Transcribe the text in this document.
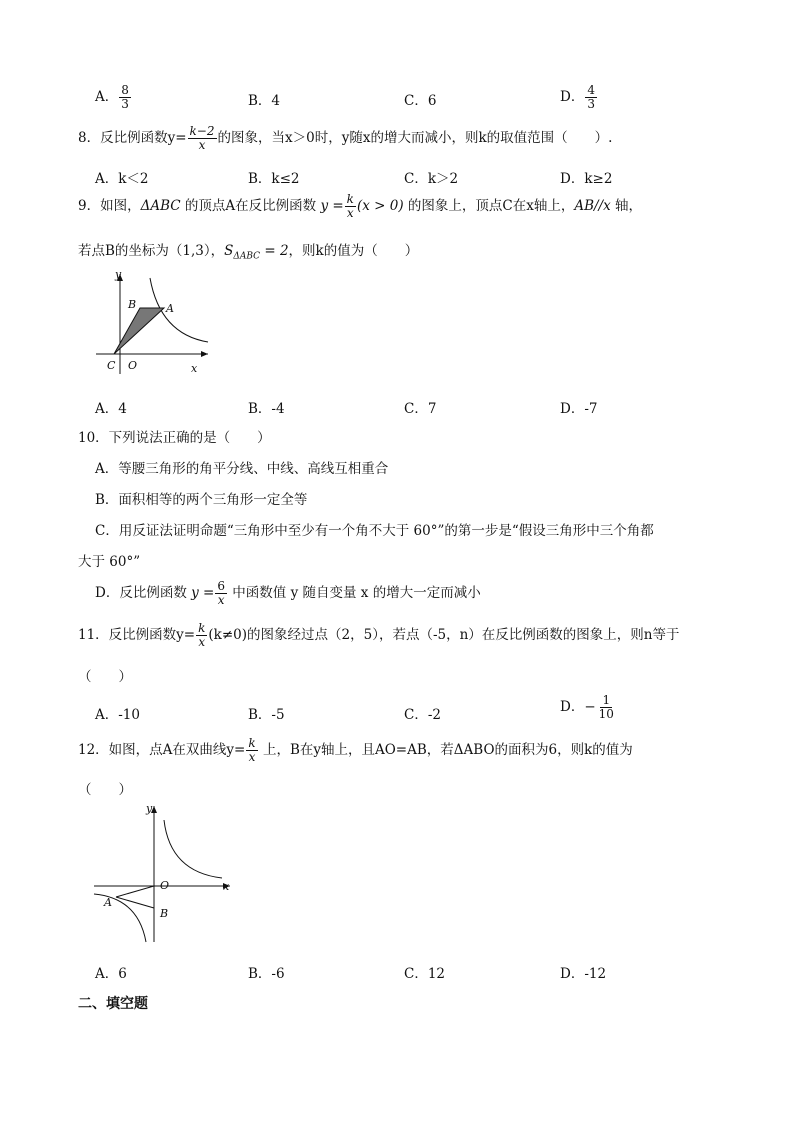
A． $\frac{8}{3}$	B．4	C．6	D． $\frac{4}{3}$
8．反比例函数$y= \frac{k-2}{x}$ 的图象，当x＞0时，y随x的增大而减小，则k的取值范围（　　）.
A．k＜2	B．k≤2	C．k＞2	D．k≥2
9．如图，ΔABC 的顶点A在反比例函数 $y = \frac{k}{x} (x > 0)$ 的图象上，顶点C在x轴上，AB//x 轴，
若点B的坐标为（1,3），$S_{\Delta ABC} = 2$，则k的值为（　　）
y
x
B	A
C O
A．4	B．-4	C．7	D．-7
10．下列说法正确的是（　　）
A．等腰三角形的角平分线、中线、高线互相重合
B．面积相等的两个三角形一定全等
C．用反证法证明命题“三角形中至少有一个角不大于 60°”的第一步是“假设三角形中三个角都
大于 60°”
D．反比例函数 $y = \frac{6}{x}$ 中函数值 y 随自变量 x 的增大一定而减小
11．反比例函数$y= \frac{k}{x} (k\ne 0)$的图象经过点（2，5），若点（-5，n）在反比例函数的图象上，则n等于
（　　）
A．-10	B．-5	C．-2	D．− $\frac{1}{10}$
12．如图，点A在双曲线$y= \frac{k}{x}$ 上，B在y轴上，且AO=AB，若ΔABO的面积为6，则k的值为
（　　）
y
x
O
A
B
A．6	B．-6	C．12	D．-12
二、填空题
